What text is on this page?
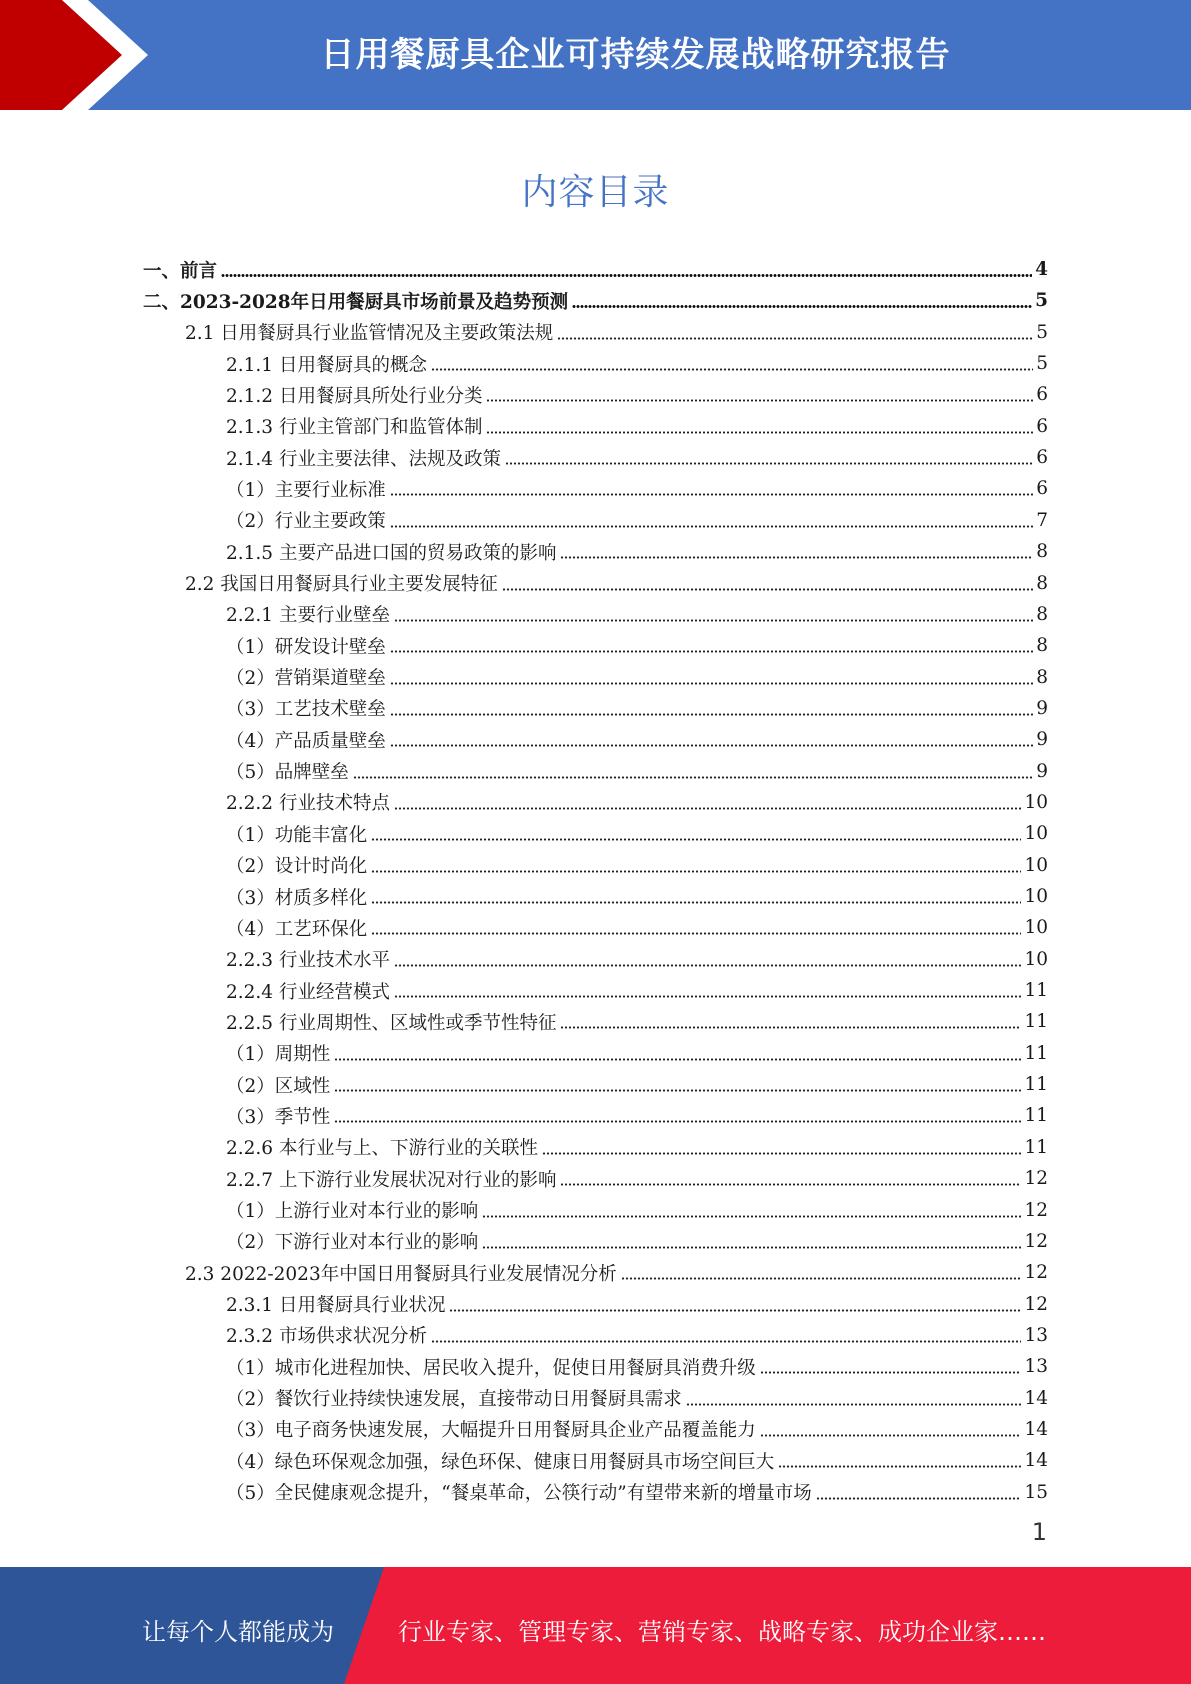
日用餐厨具企业可持续发展战略研究报告
内容目录
一、前言	4
二、2023-2028年日用餐厨具市场前景及趋势预测	5
2.1 日用餐厨具行业监管情况及主要政策法规	5
2.1.1 日用餐厨具的概念	5
2.1.2 日用餐厨具所处行业分类	6
2.1.3 行业主管部门和监管体制	6
2.1.4 行业主要法律、法规及政策	6
（1）主要行业标准	6
（2）行业主要政策	7
2.1.5 主要产品进口国的贸易政策的影响	8
2.2 我国日用餐厨具行业主要发展特征	8
2.2.1 主要行业壁垒	8
（1）研发设计壁垒	8
（2）营销渠道壁垒	8
（3）工艺技术壁垒	9
（4）产品质量壁垒	9
（5）品牌壁垒	9
2.2.2 行业技术特点	10
（1）功能丰富化	10
（2）设计时尚化	10
（3）材质多样化	10
（4）工艺环保化	10
2.2.3 行业技术水平	10
2.2.4 行业经营模式	11
2.2.5 行业周期性、区域性或季节性特征	11
（1）周期性	11
（2）区域性	11
（3）季节性	11
2.2.6 本行业与上、下游行业的关联性	11
2.2.7 上下游行业发展状况对行业的影响	12
（1）上游行业对本行业的影响	12
（2）下游行业对本行业的影响	12
2.3 2022-2023年中国日用餐厨具行业发展情况分析	12
2.3.1 日用餐厨具行业状况	12
2.3.2 市场供求状况分析	13
（1）城市化进程加快、居民收入提升，促使日用餐厨具消费升级	13
（2）餐饮行业持续快速发展，直接带动日用餐厨具需求	14
（3）电子商务快速发展，大幅提升日用餐厨具企业产品覆盖能力	14
（4）绿色环保观念加强，绿色环保、健康日用餐厨具市场空间巨大	14
（5）全民健康观念提升，“餐桌革命，公筷行动”有望带来新的增量市场	15
1
让每个人都能成为	行业专家、管理专家、营销专家、战略专家、成功企业家……
